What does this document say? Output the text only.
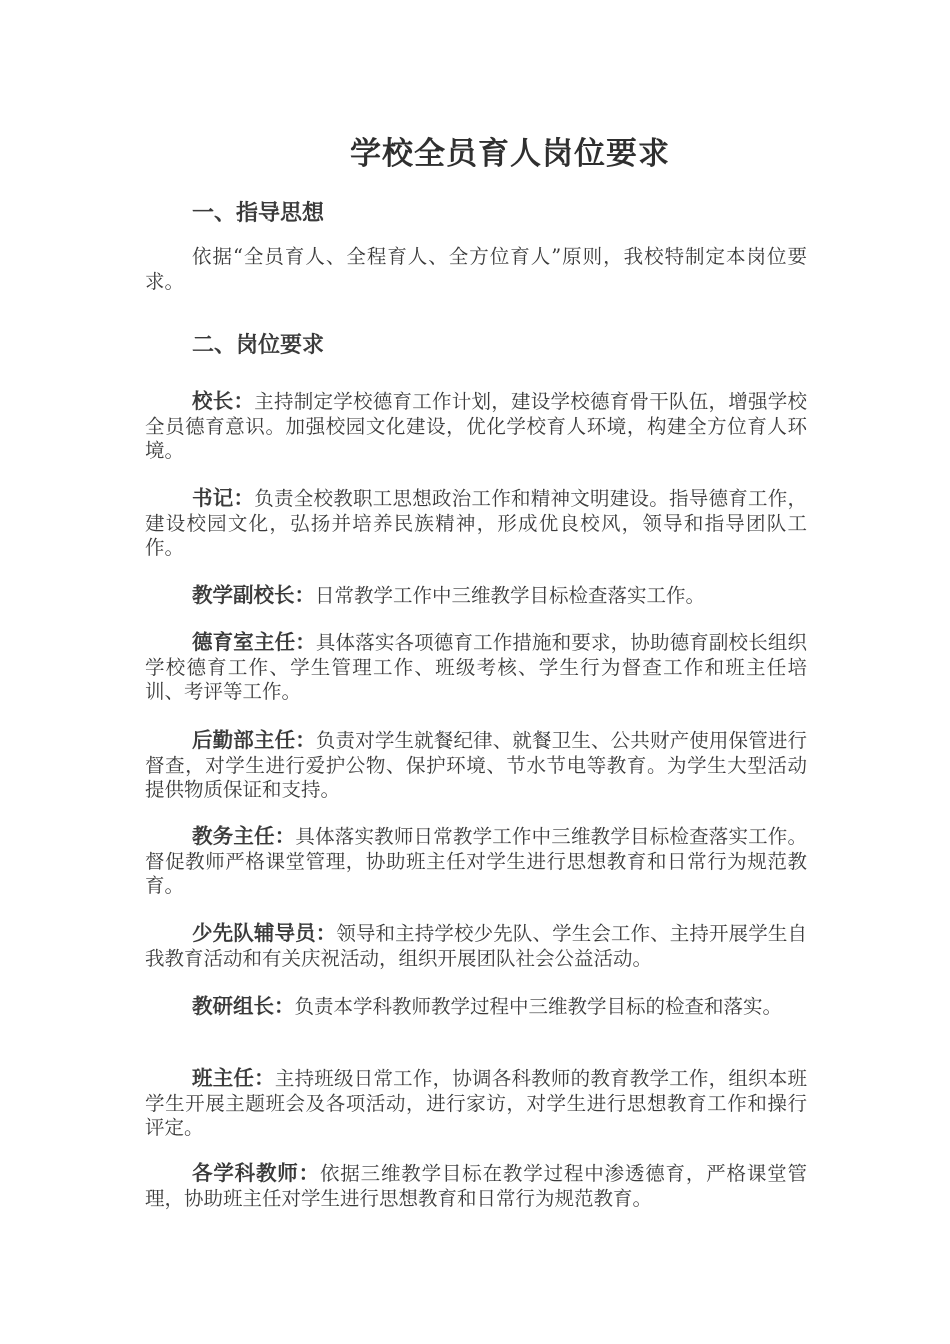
学校全员育人岗位要求
一、指导思想

依据“全员育人、全程育人、全方位育人”原则，我校特制定本岗位要求。

二、岗位要求

校长：主持制定学校德育工作计划，建设学校德育骨干队伍，增强学校全员德育意识。加强校园文化建设，优化学校育人环境，构建全方位育人环境。

书记：负责全校教职工思想政治工作和精神文明建设。指导德育工作，建设校园文化，弘扬并培养民族精神，形成优良校风，领导和指导团队工作。

教学副校长：日常教学工作中三维教学目标检查落实工作。

德育室主任：具体落实各项德育工作措施和要求，协助德育副校长组织学校德育工作、学生管理工作、班级考核、学生行为督查工作和班主任培训、考评等工作。

后勤部主任：负责对学生就餐纪律、就餐卫生、公共财产使用保管进行督查，对学生进行爱护公物、保护环境、节水节电等教育。为学生大型活动提供物质保证和支持。

教务主任：具体落实教师日常教学工作中三维教学目标检查落实工作。督促教师严格课堂管理，协助班主任对学生进行思想教育和日常行为规范教育。

少先队辅导员：领导和主持学校少先队、学生会工作、主持开展学生自我教育活动和有关庆祝活动，组织开展团队社会公益活动。

教研组长：负责本学科教师教学过程中三维教学目标的检查和落实。

班主任：主持班级日常工作，协调各科教师的教育教学工作，组织本班学生开展主题班会及各项活动，进行家访，对学生进行思想教育工作和操行评定。

各学科教师：依据三维教学目标在教学过程中渗透德育，严格课堂管理，协助班主任对学生进行思想教育和日常行为规范教育。
